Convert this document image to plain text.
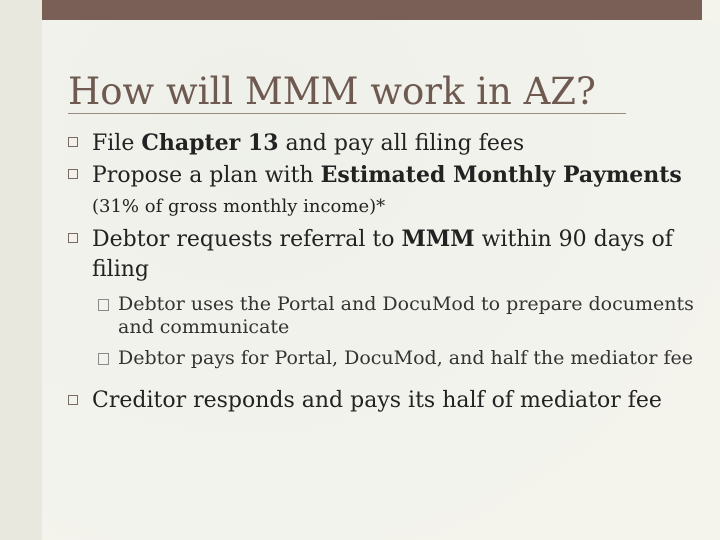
How will MMM work in AZ?
File Chapter 13 and pay all filing fees
Propose a plan with Estimated Monthly Payments (31% of gross monthly income)*
Debtor requests referral to MMM within 90 days of filing
Debtor uses the Portal and DocuMod to prepare documents and communicate
Debtor pays for Portal, DocuMod, and half the mediator fee
Creditor responds and pays its half of mediator fee
